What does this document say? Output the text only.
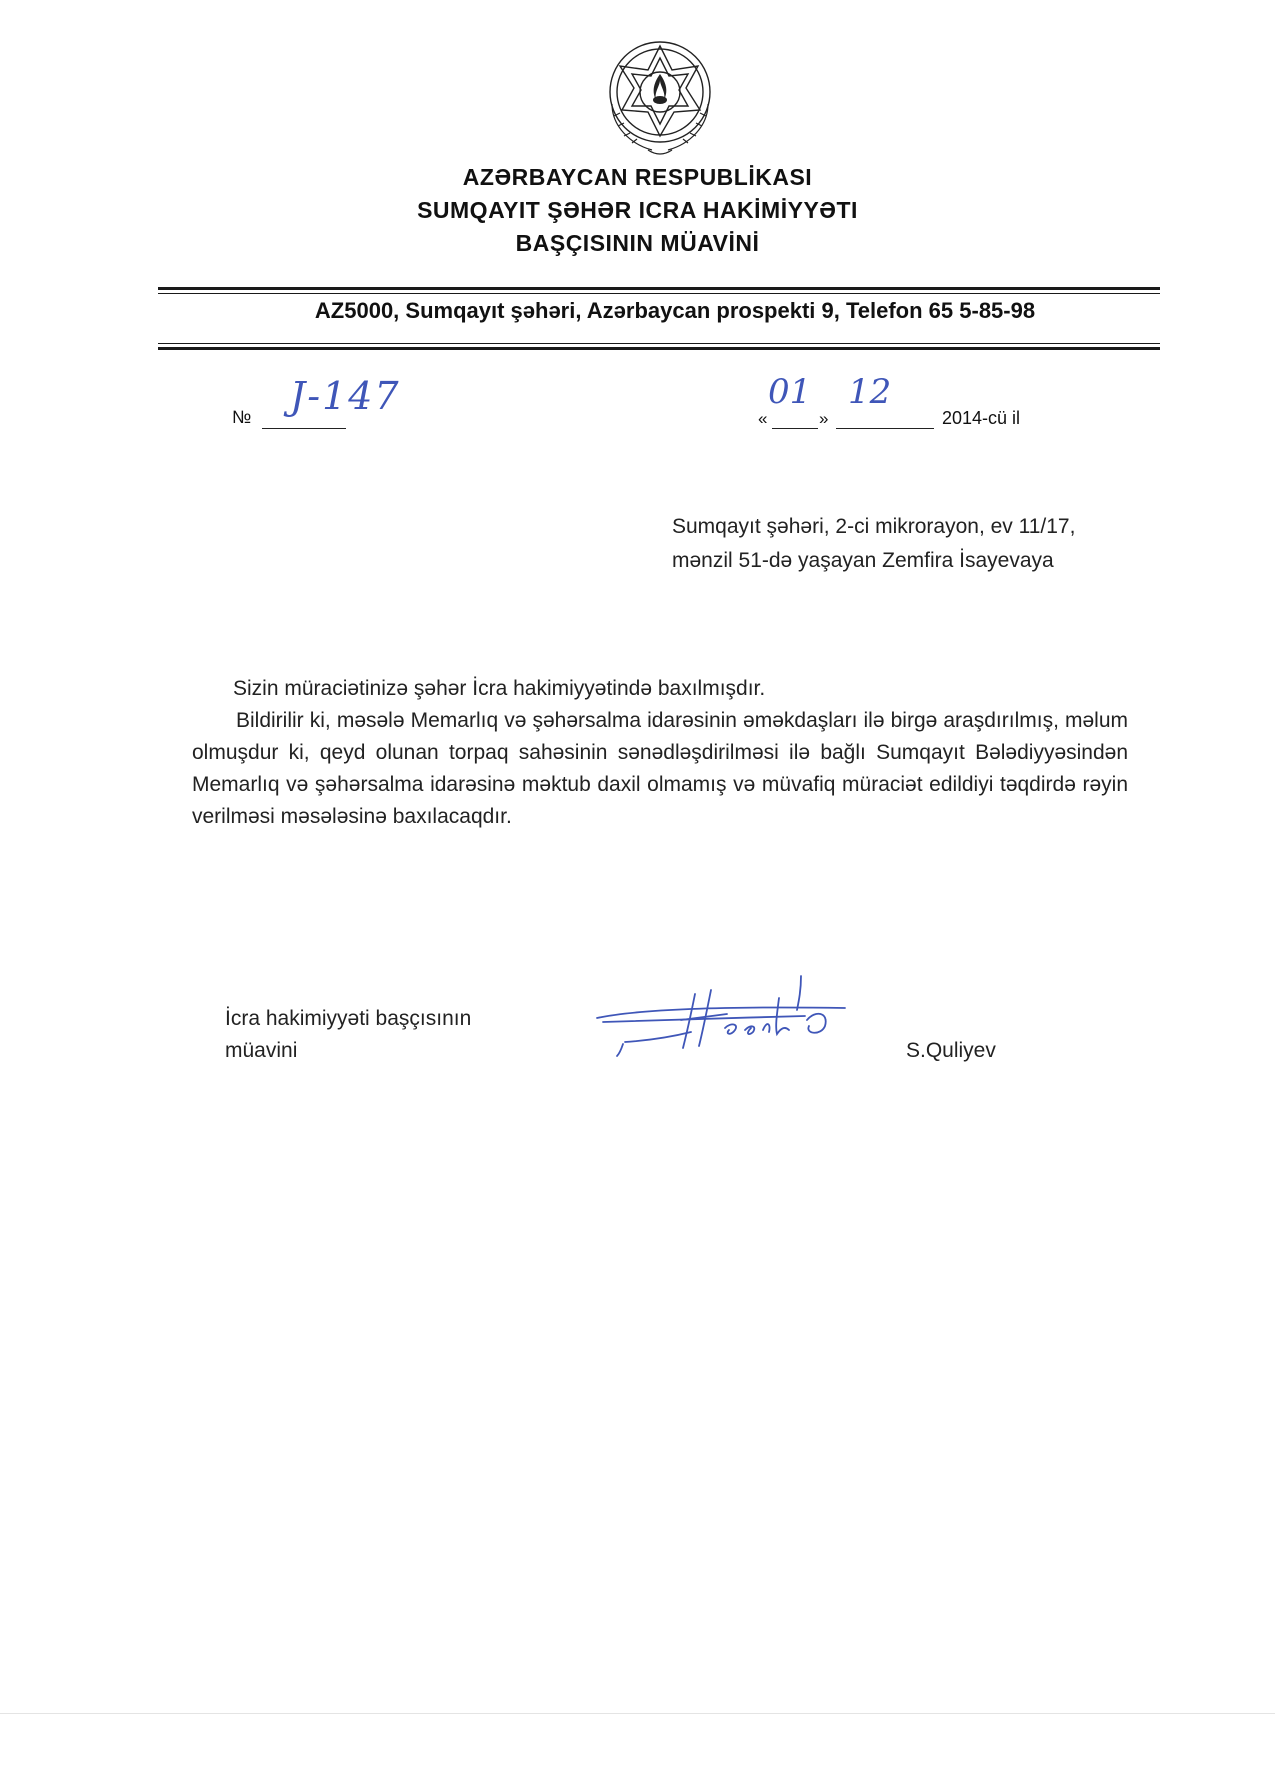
AZƏRBAYCAN RESPUBLİKASI
SUMQAYIT ŞƏHƏR ICRA HAKİMİYYƏTI
BAŞÇISININ MÜAVİNİ
AZ5000, Sumqayıt şəhəri, Azərbaycan prospekti 9, Telefon 65 5-85-98
№ J-147
«	»
01 12
2014-cü il
Sumqayıt şəhəri, 2-ci mikrorayon, ev 11/17,
mənzil 51-də yaşayan Zemfira İsayevaya
Sizin müraciətinizə şəhər İcra hakimiyyətində baxılmışdır.
Bildirilir ki, məsələ Memarlıq və şəhərsalma idarəsinin əməkdaşları ilə birgə araşdırılmış, məlum olmuşdur ki, qeyd olunan torpaq sahəsinin sənədləşdirilməsi ilə bağlı Sumqayıt Bələdiyyəsindən Memarlıq və şəhərsalma idarəsinə məktub daxil olmamış və müvafiq müraciət edildiyi təqdirdə rəyin verilməsi məsələsinə baxılacaqdır.
İcra hakimiyyəti başçısının
müavini	S.Quliyev
